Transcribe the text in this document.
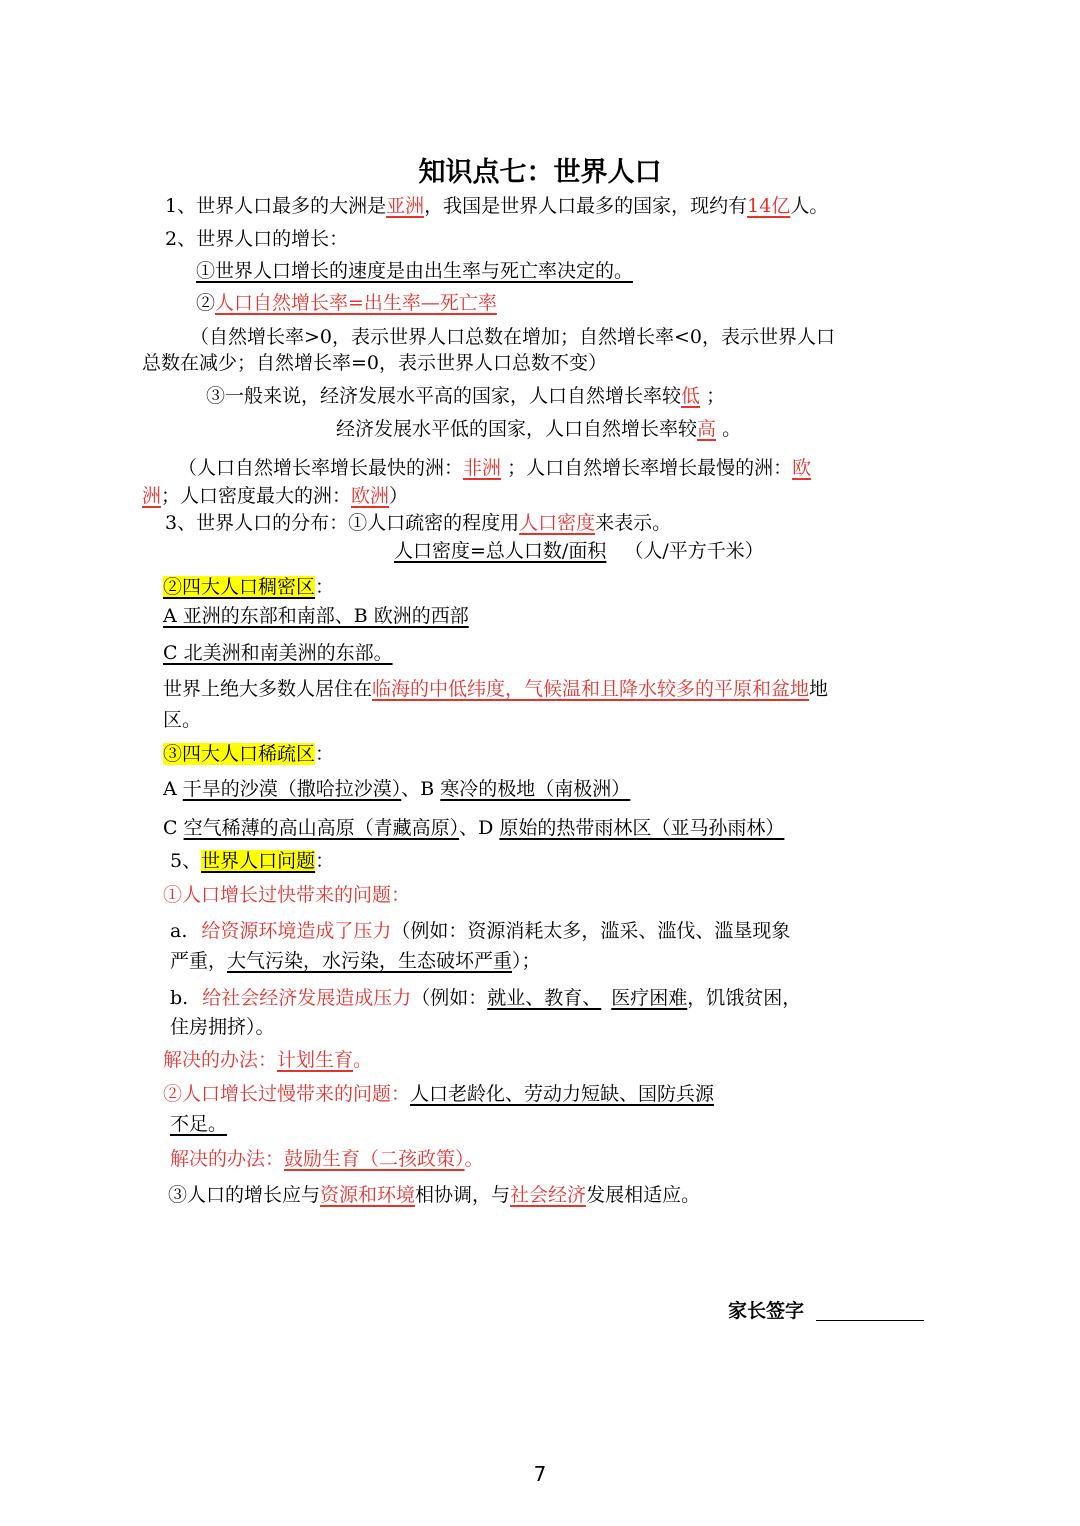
知识点七：世界人口
1、世界人口最多的大洲是亚洲，我国是世界人口最多的国家，现约有14亿人。
2、世界人口的增长：
①世界人口增长的速度是由出生率与死亡率决定的。
②人口自然增长率=出生率—死亡率
（自然增长率>0，表示世界人口总数在增加；自然增长率<0，表示世界人口
总数在减少；自然增长率=0，表示世界人口总数不变）
③一般来说，经济发展水平高的国家，人口自然增长率较低 ；
经济发展水平低的国家，人口自然增长率较高 。
（人口自然增长率增长最快的洲：非洲 ；人口自然增长率增长最慢的洲：欧
洲；人口密度最大的洲：欧洲）
3、世界人口的分布：①人口疏密的程度用人口密度来表示。
人口密度=总人口数/面积 （人/平方千米）
②四大人口稠密区：
A 亚洲的东部和南部、B 欧洲的西部
C 北美洲和南美洲的东部。
世界上绝大多数人居住在临海的中低纬度，气候温和且降水较多的平原和盆地地
区。
③四大人口稀疏区：
A 干旱的沙漠（撒哈拉沙漠）、B 寒冷的极地（南极洲）
C 空气稀薄的高山高原（青藏高原）、D 原始的热带雨林区（亚马孙雨林）
5、世界人口问题：
①人口增长过快带来的问题：
a. 给资源环境造成了压力（例如：资源消耗太多，滥采、滥伐、滥垦现象
严重，大气污染，水污染，生态破坏严重）；
b. 给社会经济发展造成压力（例如：就业、教育、 医疗困难，饥饿贫困，
住房拥挤）。
解决的办法：计划生育。
②人口增长过慢带来的问题：人口老龄化、劳动力短缺、国防兵源
不足。
解决的办法：鼓励生育（二孩政策）。
③人口的增长应与资源和环境相协调，与社会经济发展相适应。
家长签字
7
